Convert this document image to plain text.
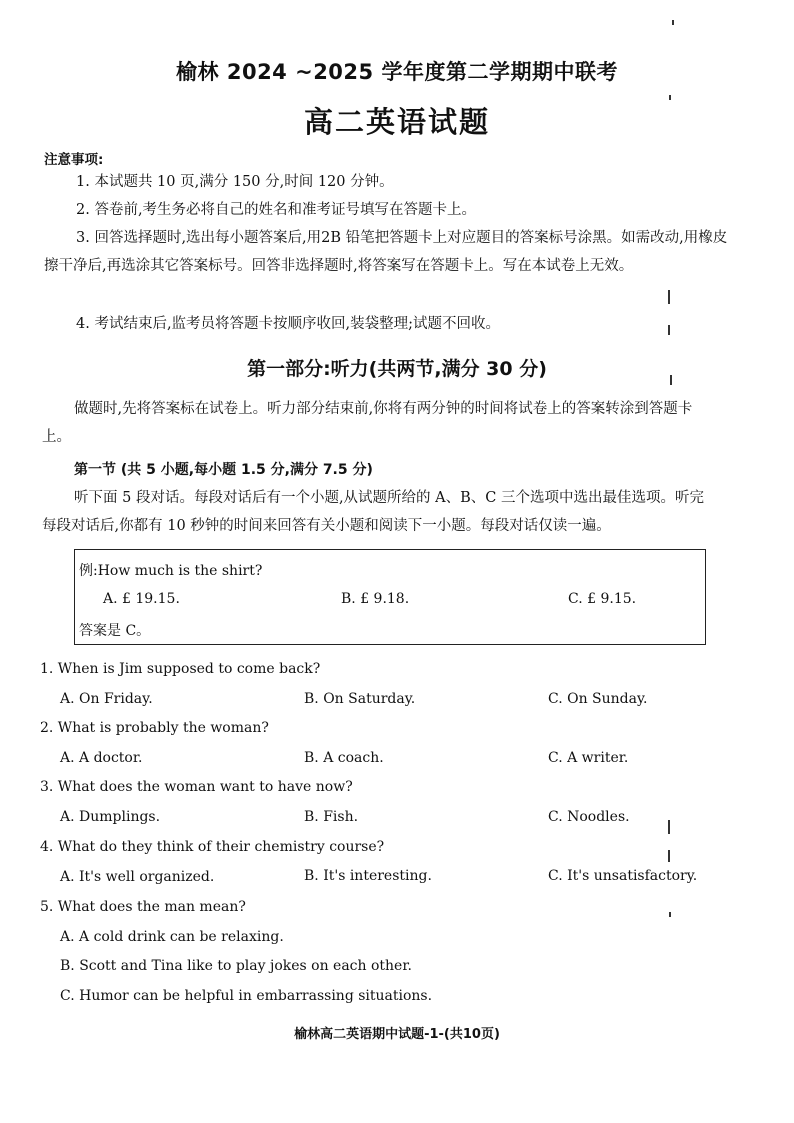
榆林 2024 ~2025 学年度第二学期期中联考
高二英语试题
注意事项:
1. 本试题共 10 页,满分 150 分,时间 120 分钟。
2. 答卷前,考生务必将自己的姓名和准考证号填写在答题卡上。
3. 回答选择题时,选出每小题答案后,用2B 铅笔把答题卡上对应题目的答案标号涂黑。如需改动,用橡皮擦干净后,再选涂其它答案标号。回答非选择题时,将答案写在答题卡上。写在本试卷上无效。
4. 考试结束后,监考员将答题卡按顺序收回,装袋整理;试题不回收。
第一部分:听力(共两节,满分 30 分)
做题时,先将答案标在试卷上。听力部分结束前,你将有两分钟的时间将试卷上的答案转涂到答题卡上。
第一节 (共 5 小题,每小题 1.5 分,满分 7.5 分)
听下面 5 段对话。每段对话后有一个小题,从试题所给的 A、B、C 三个选项中选出最佳选项。听完每段对话后,你都有 10 秒钟的时间来回答有关小题和阅读下一小题。每段对话仅读一遍。
例:How much is the shirt?
A. £ 19.15.	B. £ 9.18.	C. £ 9.15.
答案是 C。
1. When is Jim supposed to come back?
A. On Friday.	B. On Saturday.	C. On Sunday.
2. What is probably the woman?
A. A doctor.	B. A coach.	C. A writer.
3. What does the woman want to have now?
A. Dumplings.	B. Fish.	C. Noodles.
4. What do they think of their chemistry course?
A. It's well organized.	B. It's interesting.	C. It's unsatisfactory.
5. What does the man mean?
A. A cold drink can be relaxing.
B. Scott and Tina like to play jokes on each other.
C. Humor can be helpful in embarrassing situations.
榆林高二英语期中试题-1-(共10页)
